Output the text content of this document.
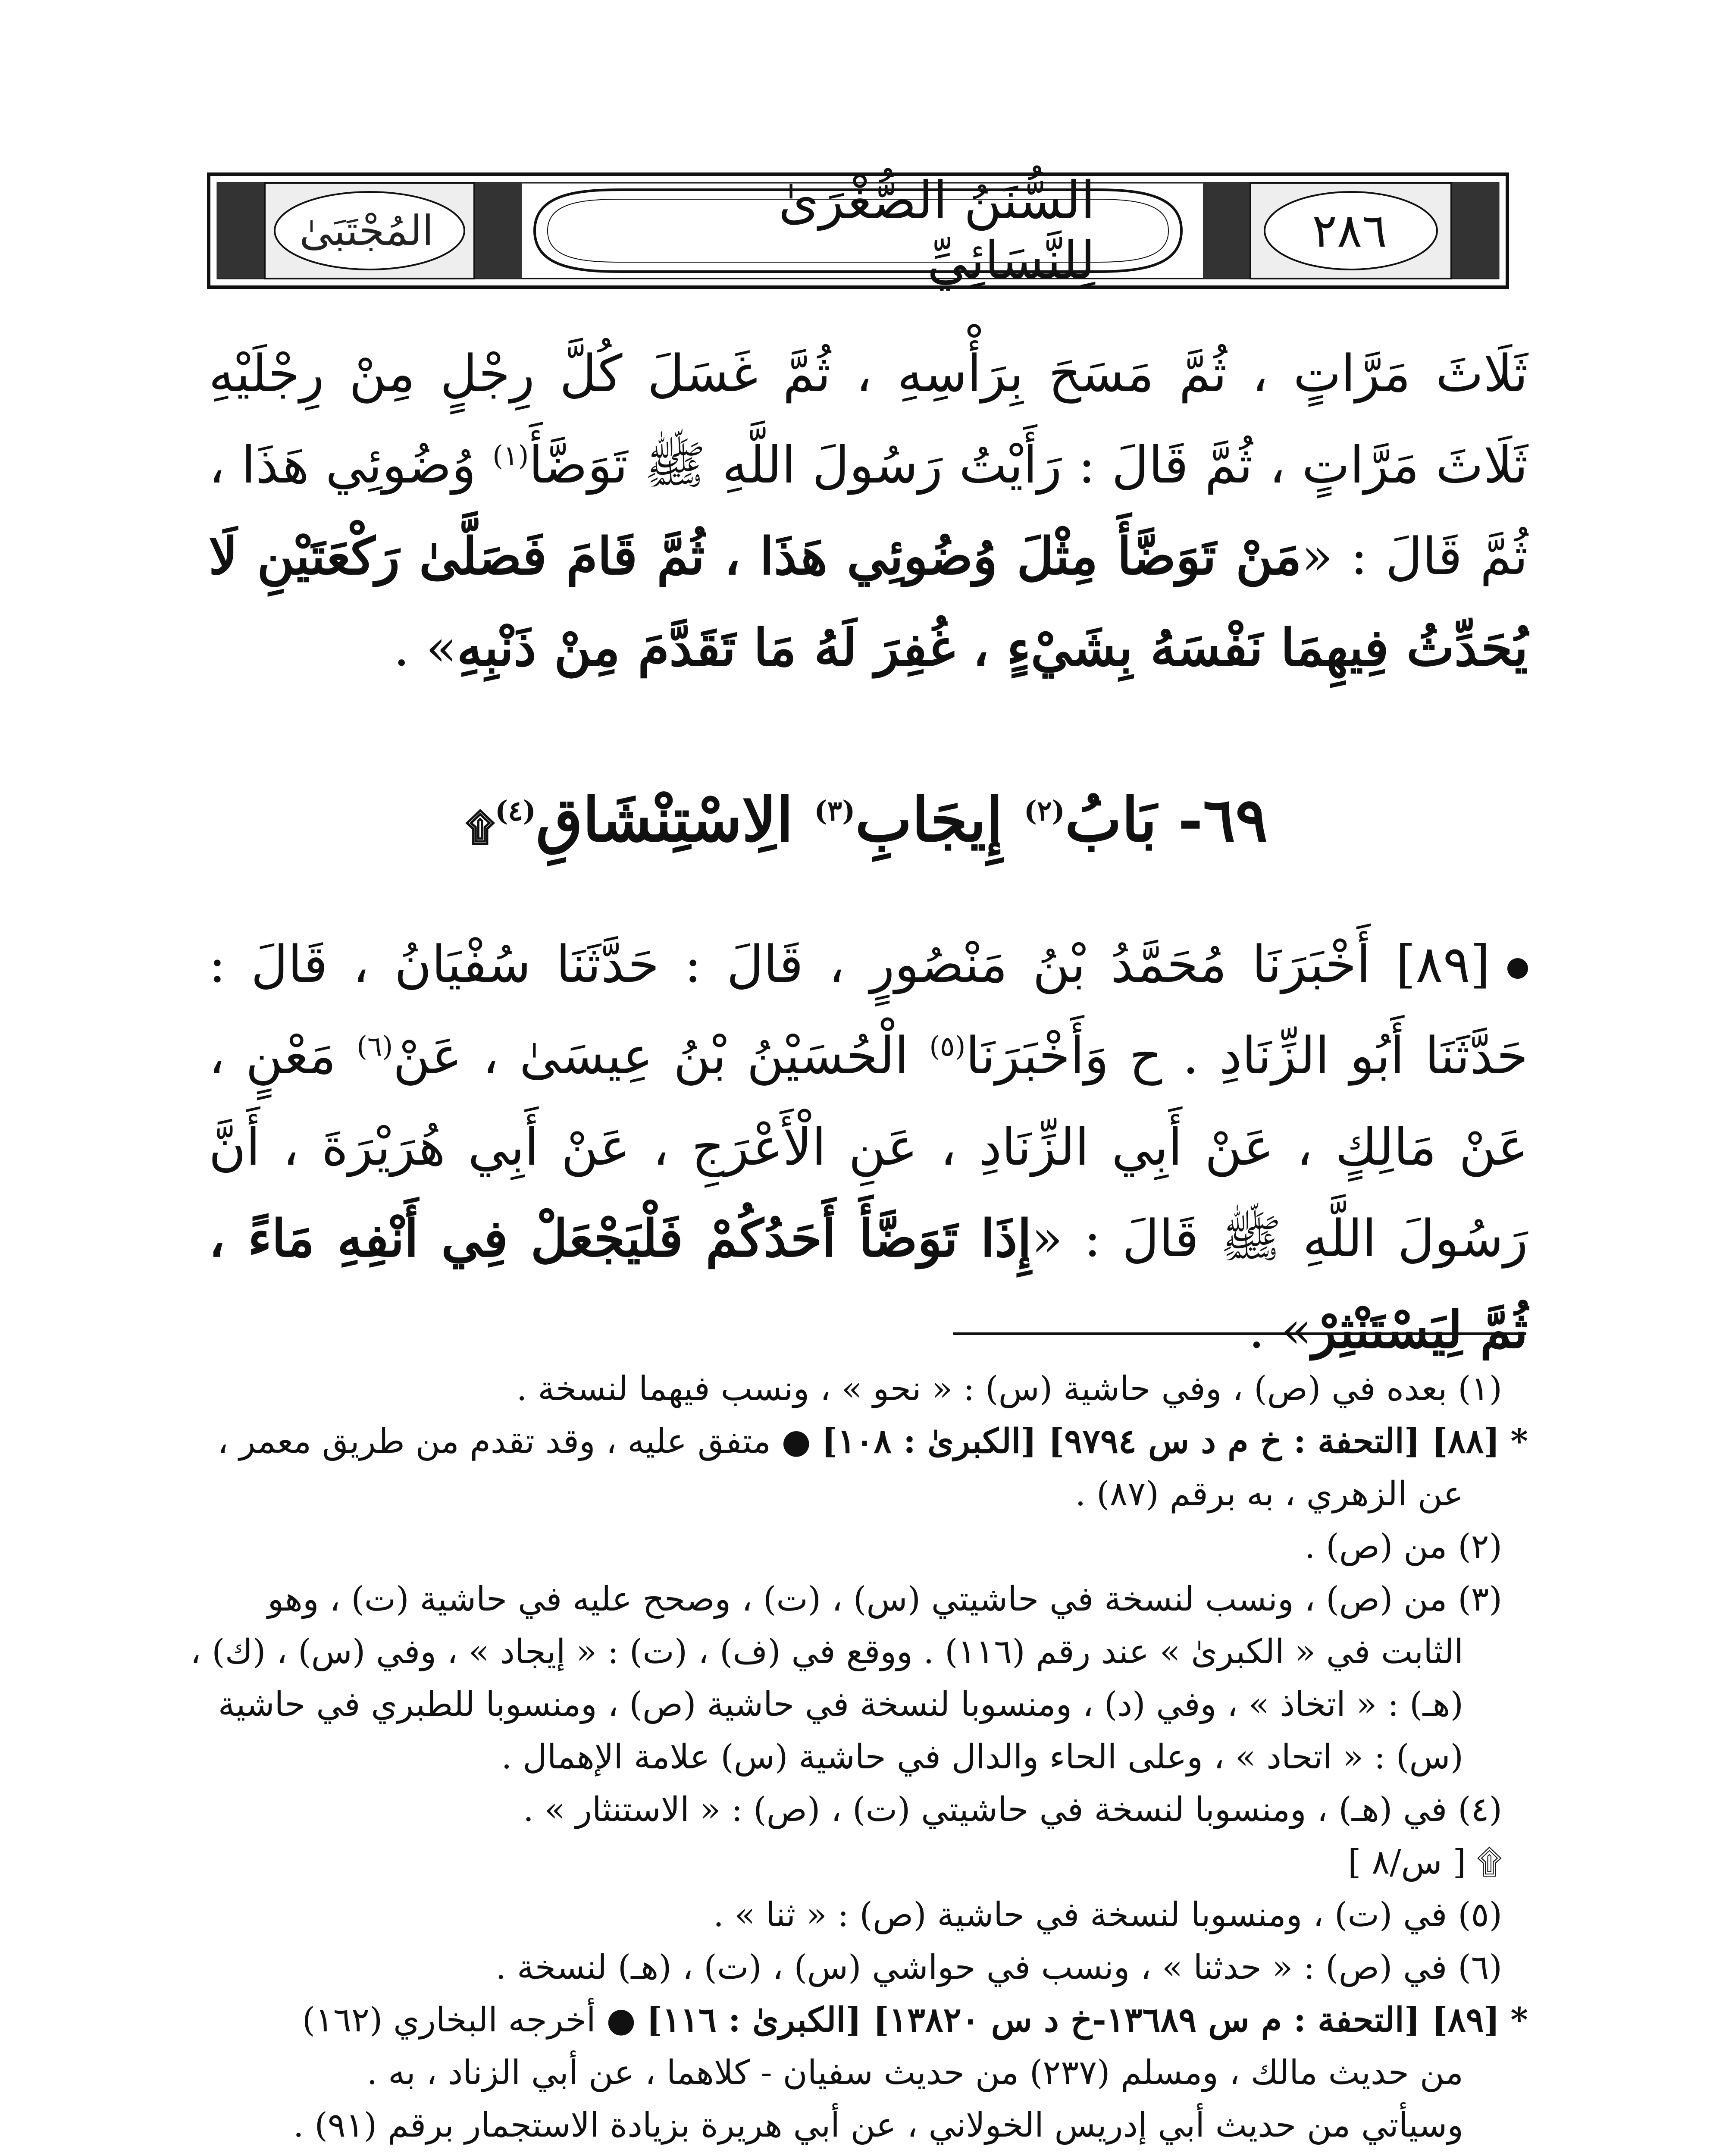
المُجْتَبَىٰ	السُّنَنُ الصُّغْرَىٰ لِلنَّسَائِيِّ	٢٨٦
ثَلَاثَ مَرَّاتٍ ، ثُمَّ مَسَحَ بِرَأْسِهِ ، ثُمَّ غَسَلَ كُلَّ رِجْلٍ مِنْ رِجْلَيْهِ ثَلَاثَ مَرَّاتٍ ، ثُمَّ قَالَ : رَأَيْتُ رَسُولَ اللَّهِ ﷺ تَوَضَّأَ$^{(١)}$ وُضُوئِي هَذَا ، ثُمَّ قَالَ : «مَنْ تَوَضَّأَ مِثْلَ وُضُوئِي هَذَا ، ثُمَّ قَامَ فَصَلَّىٰ رَكْعَتَيْنِ لَا يُحَدِّثُ فِيهِمَا نَفْسَهُ بِشَيْءٍ ، غُفِرَ لَهُ مَا تَقَدَّمَ مِنْ ذَنْبِهِ» .
٦٩- بَابُ$^{(٢)}$ إِيجَابِ$^{(٣)}$ الِاسْتِنْشَاقِ$^{(٤)}$۩
[٨٩] أَخْبَرَنَا مُحَمَّدُ بْنُ مَنْصُورٍ ، قَالَ : حَدَّثَنَا سُفْيَانُ ، قَالَ : حَدَّثَنَا أَبُو الزِّنَادِ . ح وَأَخْبَرَنَا$^{(٥)}$ الْحُسَيْنُ بْنُ عِيسَىٰ ، عَنْ$^{(٦)}$ مَعْنٍ ، عَنْ مَالِكٍ ، عَنْ أَبِي الزِّنَادِ ، عَنِ الْأَعْرَجِ ، عَنْ أَبِي هُرَيْرَةَ ، أَنَّ رَسُولَ اللَّهِ ﷺ قَالَ : «إِذَا تَوَضَّأَ أَحَدُكُمْ فَلْيَجْعَلْ فِي أَنْفِهِ مَاءً ، ثُمَّ لِيَسْتَنْثِرْ» .
(١) بعده في (ص) ، وفي حاشية (س) : « نحو » ، ونسب فيهما لنسخة .
* [٨٨] [التحفة : خ م د س ٩٧٩٤] [الكبرىٰ : ١٠٨] ● متفق عليه ، وقد تقدم من طريق معمر ،
عن الزهري ، به برقم (٨٧) .
(٢) من (ص) .
(٣) من (ص) ، ونسب لنسخة في حاشيتي (س) ، (ت) ، وصحح عليه في حاشية (ت) ، وهو
الثابت في « الكبرىٰ » عند رقم (١١٦) . ووقع في (ف) ، (ت) : « إيجاد » ، وفي (س) ، (ك) ،
(هـ) : « اتخاذ » ، وفي (د) ، ومنسوبا لنسخة في حاشية (ص) ، ومنسوبا للطبري في حاشية
(س) : « اتحاد » ، وعلى الحاء والدال في حاشية (س) علامة الإهمال .
(٤) في (هـ) ، ومنسوبا لنسخة في حاشيتي (ت) ، (ص) : « الاستنثار » .
۩ [ س/٨ ]
(٥) في (ت) ، ومنسوبا لنسخة في حاشية (ص) : « ثنا » .
(٦) في (ص) : « حدثنا » ، ونسب في حواشي (س) ، (ت) ، (هـ) لنسخة .
* [٨٩] [التحفة : م س ١٣٦٨٩-خ د س ١٣٨٢٠] [الكبرىٰ : ١١٦] ● أخرجه البخاري (١٦٢)
من حديث مالك ، ومسلم (٢٣٧) من حديث سفيان - كلاهما ، عن أبي الزناد ، به .
وسيأتي من حديث أبي إدريس الخولاني ، عن أبي هريرة بزيادة الاستجمار برقم (٩١) .
